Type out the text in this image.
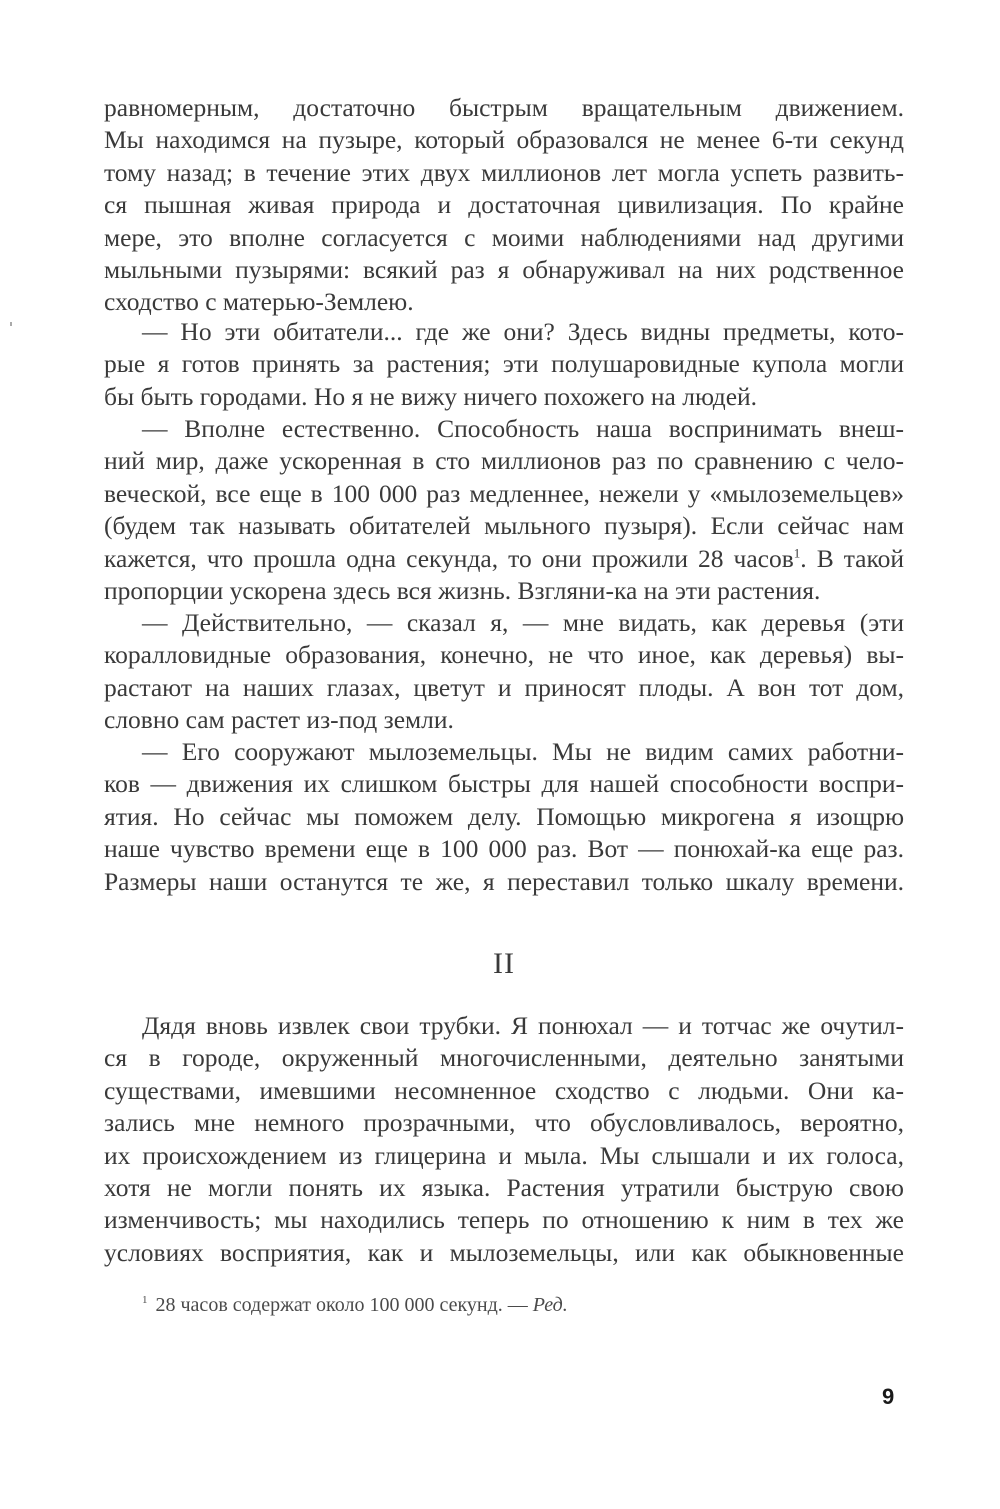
равномерным, достаточно быстрым вращательным движением.
Мы находимся на пузыре, который образовался не менее 6-ти секунд
тому назад; в течение этих двух миллионов лет могла успеть развить-
ся пышная живая природа и достаточная цивилизация. По крайне
мере, это вполне согласуется с моими наблюдениями над другими
мыльными пузырями: всякий раз я обнаруживал на них родственное
сходство с матерью-Землею.

— Но эти обитатели... где же они? Здесь видны предметы, кото-
рые я готов принять за растения; эти полушаровидные купола могли
бы быть городами. Но я не вижу ничего похожего на людей.

— Вполне естественно. Способность наша воспринимать внеш-
ний мир, даже ускоренная в сто миллионов раз по сравнению с чело-
веческой, все еще в 100 000 раз медленнее, нежели у «мылоземельцев»
(будем так называть обитателей мыльного пузыря). Если сейчас нам
кажется, что прошла одна секунда, то они прожили 28 часов$^1$. В такой
пропорции ускорена здесь вся жизнь. Взгляни-ка на эти растения.

— Действительно, — сказал я, — мне видать, как деревья (эти
коралловидные образования, конечно, не что иное, как деревья) вы-
растают на наших глазах, цветут и приносят плоды. А вон тот дом,
словно сам растет из-под земли.

— Его сооружают мылоземельцы. Мы не видим самих работни-
ков — движения их слишком быстры для нашей способности воспри-
ятия. Но сейчас мы поможем делу. Помощью микрогена я изощрю
наше чувство времени еще в 100 000 раз. Вот — понюхай-ка еще раз.
Размеры наши останутся те же, я переставил только шкалу времени.

II

Дядя вновь извлек свои трубки. Я понюхал — и тотчас же очутил-
ся в городе, окруженный многочисленными, деятельно занятыми
существами, имевшими несомненное сходство с людьми. Они ка-
зались мне немного прозрачными, что обусловливалось, вероятно,
их происхождением из глицерина и мыла. Мы слышали и их голоса,
хотя не могли понять их языка. Растения утратили быструю свою
изменчивость; мы находились теперь по отношению к ним в тех же
условиях восприятия, как и мылоземельцы, или как обыкновенные

$^1$ 28 часов содержат около 100 000 секунд. — Ред.
9
